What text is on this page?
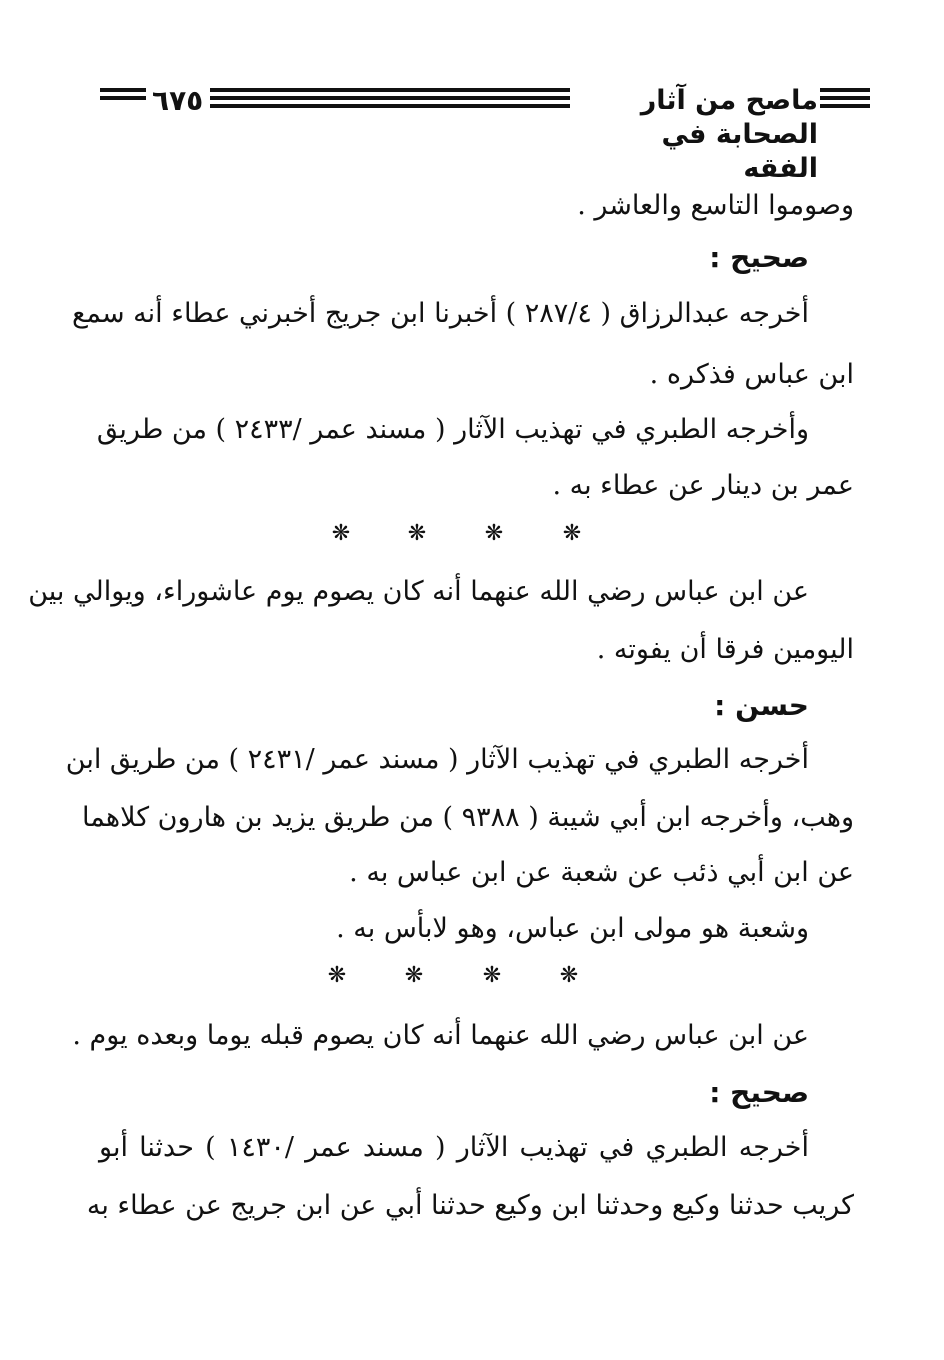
٦٧٥	ماصح من آثار الصحابة في الفقه
وصوموا التاسع والعاشر .
صحيح :
أخرجه عبدالرزاق ( ٢٨٧/٤ ) أخبرنا ابن جريج أخبرني عطاء أنه سمع
ابن عباس فذكره .
وأخرجه الطبري في تهذيب الآثار ( مسند عمر /٢٤٣٣ ) من طريق
عمر بن دينار عن عطاء به .
❋	❋	❋	❋
عن ابن عباس رضي الله عنهما أنه كان يصوم يوم عاشوراء، ويوالي بين
اليومين فرقا أن يفوته .
حسن :
أخرجه الطبري في تهذيب الآثار ( مسند عمر /٢٤٣١ ) من طريق ابن
وهب، وأخرجه ابن أبي شيبة ( ٩٣٨٨ ) من طريق يزيد بن هارون كلاهما
عن ابن أبي ذئب عن شعبة عن ابن عباس به .
وشعبة هو مولى ابن عباس، وهو لابأس به .
❋	❋	❋	❋
عن ابن عباس رضي الله عنهما أنه كان يصوم قبله يوما وبعده يوم .
صحيح :
أخرجه الطبري في تهذيب الآثار ( مسند عمر /١٤٣٠ ) حدثنا أبو
كريب حدثنا وكيع وحدثنا ابن وكيع حدثنا أبي عن ابن جريج عن عطاء به
